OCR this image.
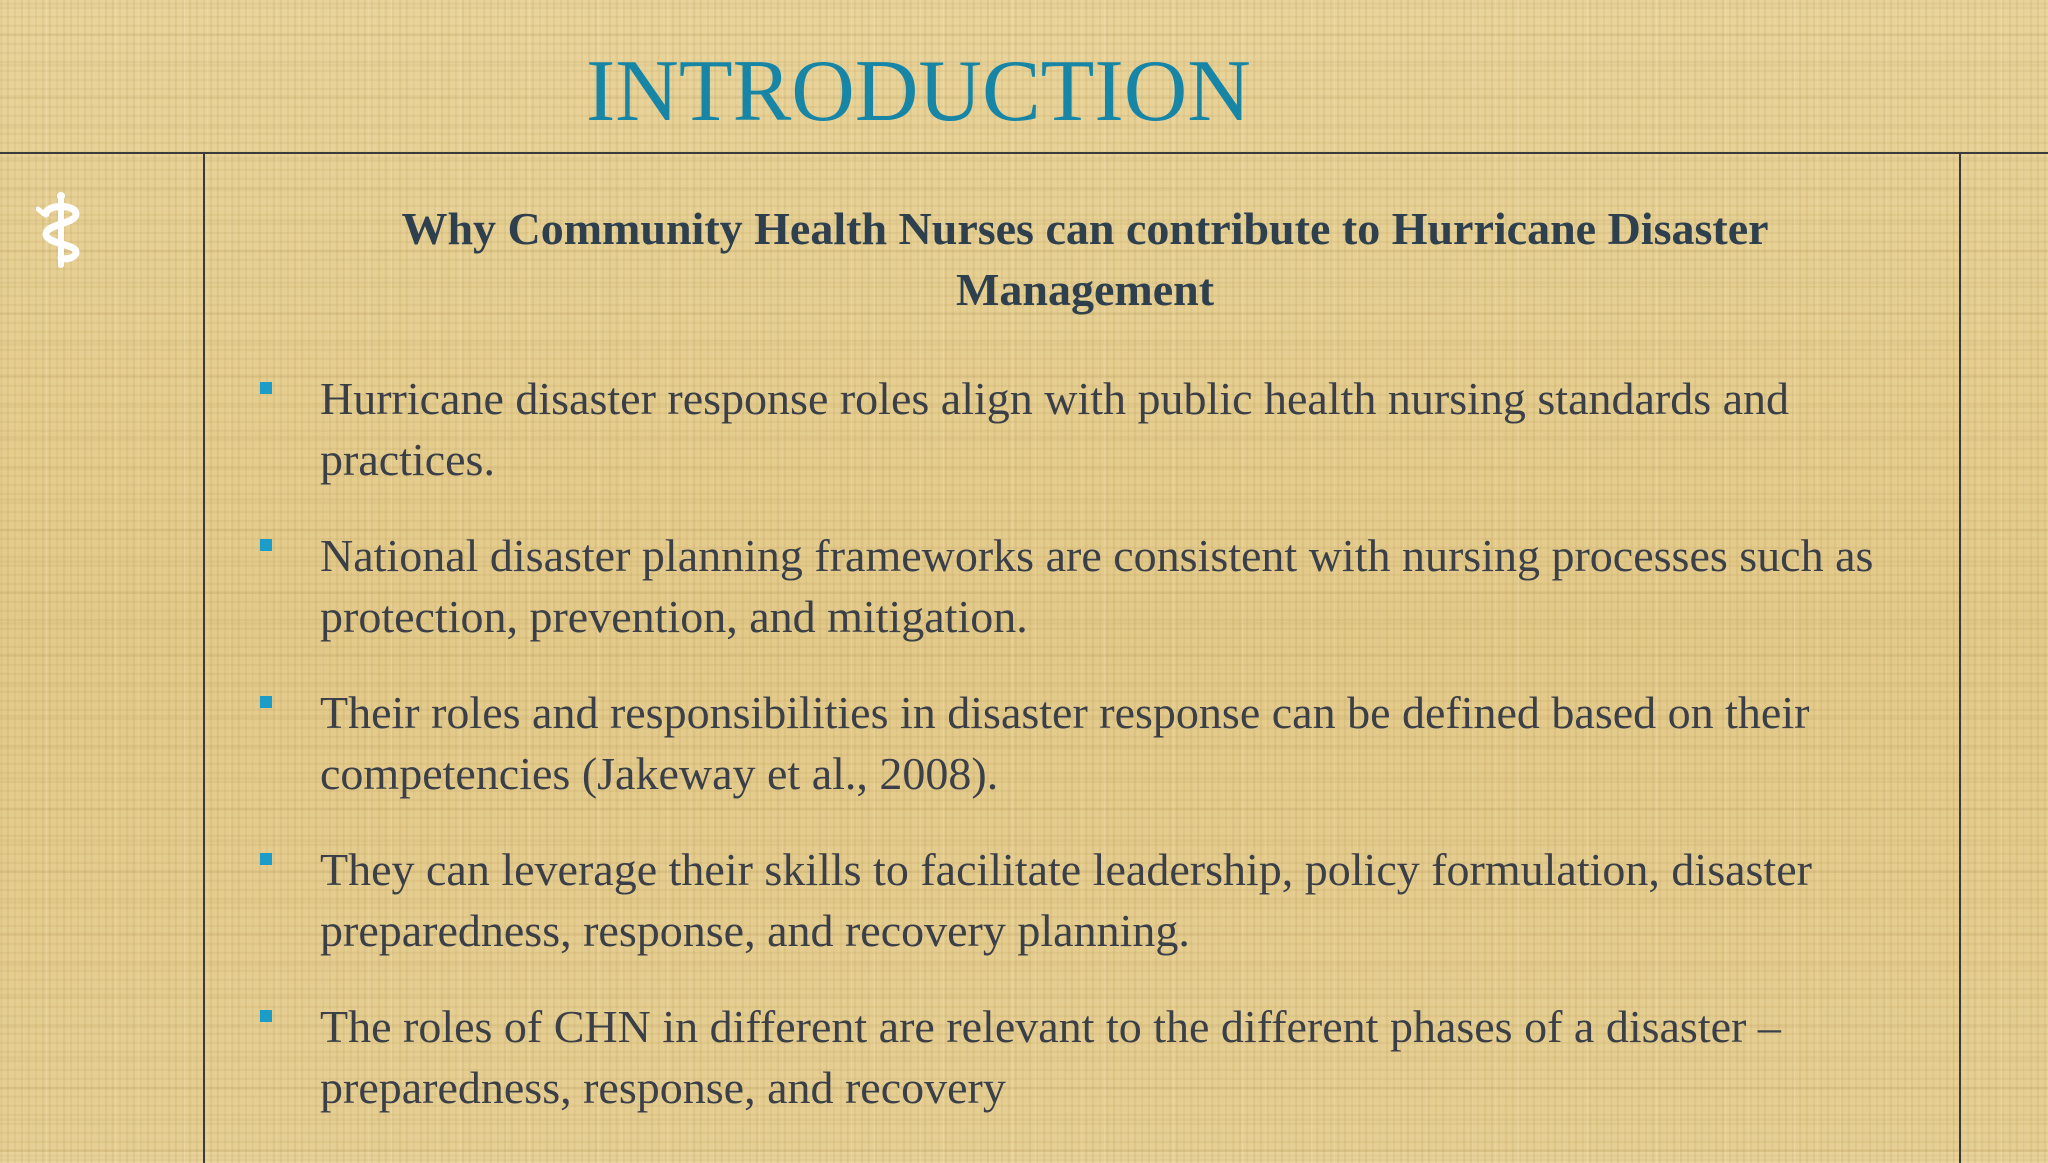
INTRODUCTION
Why Community Health Nurses can contribute to Hurricane Disaster Management
Hurricane disaster response roles align with public health nursing standards and practices.
National disaster planning frameworks are consistent with nursing processes such as protection, prevention, and mitigation.
Their roles and responsibilities in disaster response can be defined based on their competencies (Jakeway et al., 2008).
They can leverage their skills to facilitate leadership, policy formulation, disaster preparedness, response, and recovery planning.
The roles of CHN in different are relevant to the different phases of a disaster – preparedness, response, and recovery
